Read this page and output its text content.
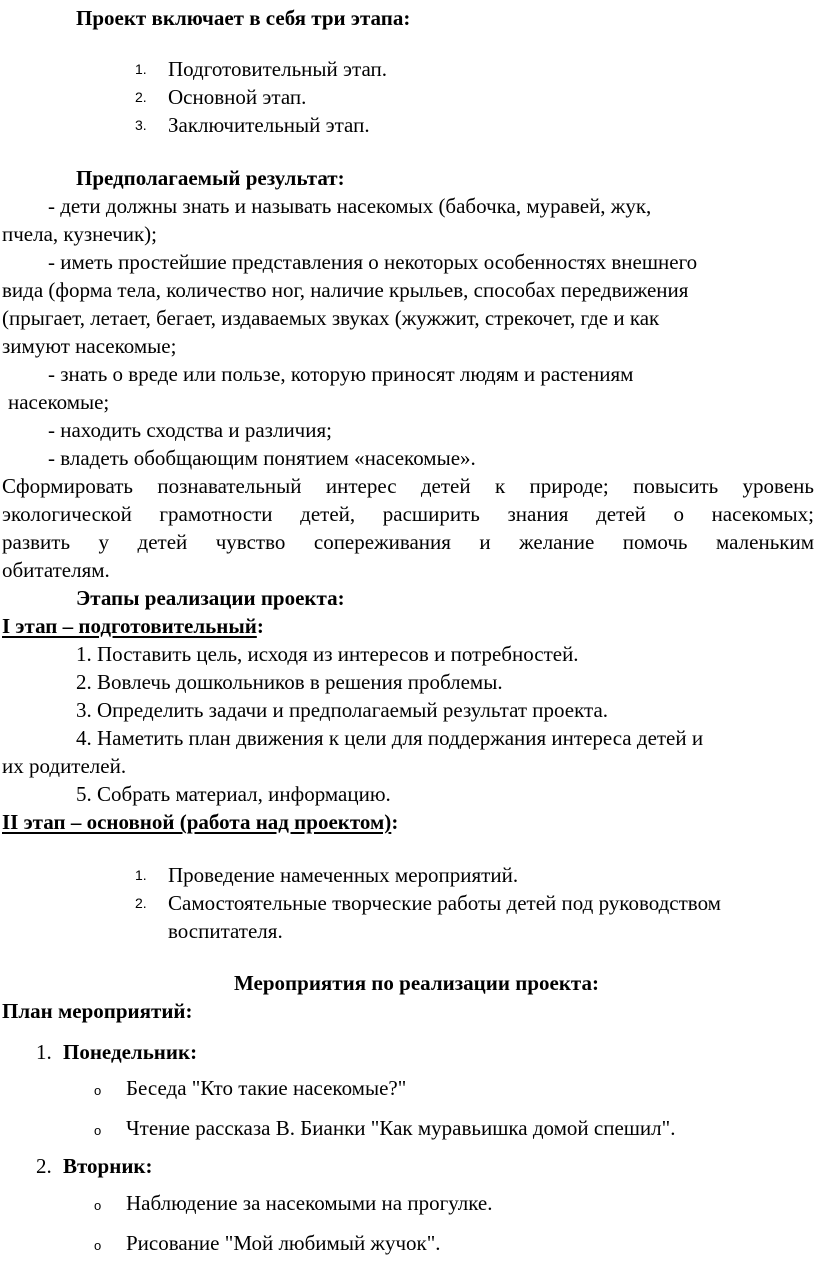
Проект включает в себя три этапа:
1. Подготовительный этап.
2. Основной этап.
3. Заключительный этап.
Предполагаемый результат:
- дети должны знать и называть насекомых (бабочка, муравей, жук,
пчела, кузнечик);
- иметь простейшие представления о некоторых особенностях внешнего
вида (форма тела, количество ног, наличие крыльев, способах передвижения
(прыгает, летает, бегает, издаваемых звуках (жужжит, стрекочет, где и как
зимуют насекомые;
- знать о вреде или пользе, которую приносят людям и растениям
насекомые;
- находить сходства и различия;
- владеть обобщающим понятием «насекомые».
Сформировать познавательный интерес детей к природе; повысить уровень
экологической грамотности детей, расширить знания детей о насекомых;
развить у детей чувство сопереживания и желание помочь маленьким
обитателям.
Этапы реализации проекта:
I этап – подготовительный:
1. Поставить цель, исходя из интересов и потребностей.
2. Вовлечь дошкольников в решения проблемы.
3. Определить задачи и предполагаемый результат проекта.
4. Наметить план движения к цели для поддержания интереса детей и
их родителей.
5. Собрать материал, информацию.
II этап – основной (работа над проектом):
1. Проведение намеченных мероприятий.
2. Самостоятельные творческие работы детей под руководством
воспитателя.
Мероприятия по реализации проекта:
План мероприятий:
1. Понедельник:
o Беседа "Кто такие насекомые?"
o Чтение рассказа В. Бианки "Как муравьишка домой спешил".
2. Вторник:
o Наблюдение за насекомыми на прогулке.
o Рисование "Мой любимый жучок".
